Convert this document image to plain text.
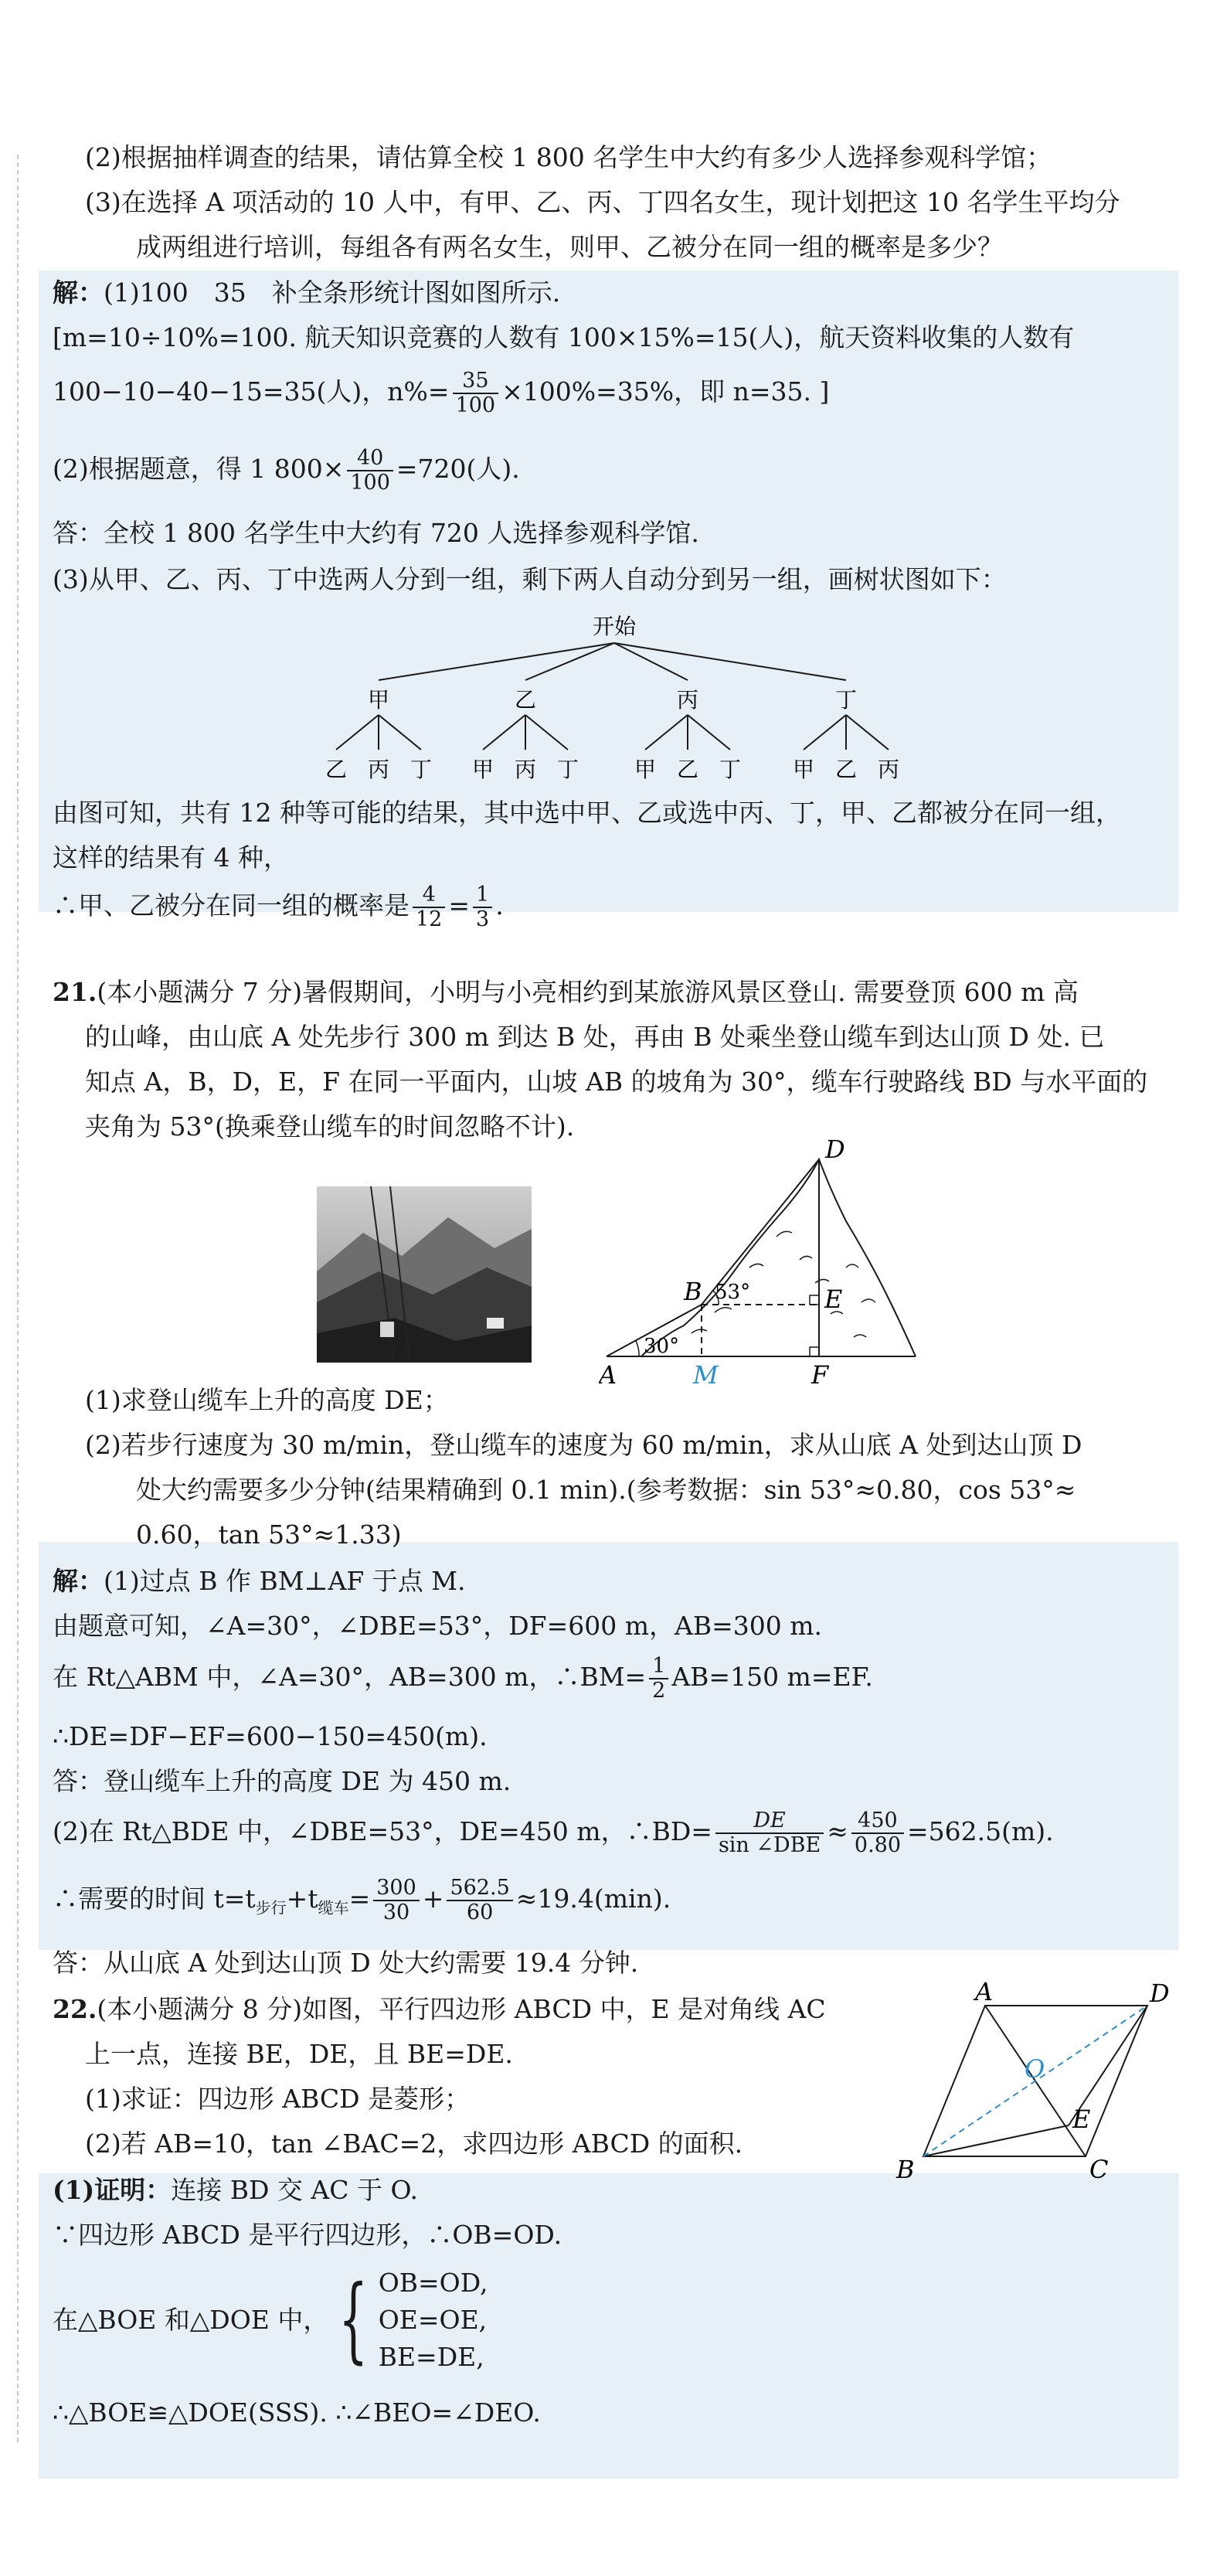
(2)根据抽样调查的结果，请估算全校 1 800 名学生中大约有多少人选择参观科学馆；
(3)在选择 A 项活动的 10 人中，有甲、乙、丙、丁四名女生，现计划把这 10 名学生平均分
成两组进行培训，每组各有两名女生，则甲、乙被分在同一组的概率是多少？
解：(1)100　35　补全条形统计图如图所示.
[m=10÷10%=100. 航天知识竞赛的人数有 100×15%=15(人)，航天资料收集的人数有
100−10−40−15=35(人)，$n\%= \frac{35}{100} \times 100\%=35\%$，即 n=35. ]
(2)根据题意，得 1 $800\times \frac{40}{100} =720$(人).
答：全校 1 800 名学生中大约有 720 人选择参观科学馆.
(3)从甲、乙、丙、丁中选两人分到一组，剩下两人自动分到另一组，画树状图如下：
开始
甲	乙	丙	丁
乙 丙 丁 甲 丙 丁	甲 乙 丁 甲 乙 丙
由图可知，共有 12 种等可能的结果，其中选中甲、乙或选中丙、丁，甲、乙都被分在同一组，
这样的结果有 4 种，
∴甲、乙被分在同一组的概率是 $\frac{4}{12} = \frac{1}{3}$ .
21.(本小题满分 7 分)暑假期间，小明与小亮相约到某旅游风景区登山. 需要登顶 600 m 高
的山峰，由山底 A 处先步行 300 m 到达 B 处，再由 B 处乘坐登山缆车到达山顶 D 处. 已
知点 A，B，D，E，F 在同一平面内，山坡 AB 的坡角为 30°，缆车行驶路线 BD 与水平面的
夹角为 53°(换乘登山缆车的时间忽略不计).
D
B	E
A	M	F
53°
30°
(1)求登山缆车上升的高度 DE；
(2)若步行速度为 30 m/min，登山缆车的速度为 60 m/min，求从山底 A 处到达山顶 D
处大约需要多少分钟(结果精确到 0.1 min).(参考数据：sin 53°≈0.80，cos 53°≈
0.60，tan 53°≈1.33)
解：(1)过点 B 作 BM⊥AF 于点 M.
由题意可知，∠A=30°，∠DBE=53°，DF=600 m，AB=300 m.
在 Rt△ABM 中，∠A=30°，AB=300 m，∴BM= $\frac{1}{2} AB=150$ m=EF.
∴DE=DF−EF=600−150=450(m).
答：登山缆车上升的高度 DE 为 450 m.
(2)在 Rt△BDE 中，∠DBE=53°，DE=450 m，∴BD= $\frac{DE}{\text{sin ∠DBE}} \approx \frac{450}{0.80} =562.5(m)$.
∴需要的时间 $t=t_{步行}+t_{缆车}= \frac{300}{30} + \frac{562.5}{60} \approx 19.4(\min)$.
答：从山底 A 处到达山顶 D 处大约需要 19.4 分钟.
22.(本小题满分 8 分)如图，平行四边形 ABCD 中，E 是对角线 AC
上一点，连接 BE，DE，且 BE=DE.
(1)求证：四边形 ABCD 是菱形；
(2)若 AB=10，tan ∠BAC=2，求四边形 ABCD 的面积.
A	D
O
E
B	C
(1)证明：连接 BD 交 AC 于 O.
∵四边形 ABCD 是平行四边形，∴OB=OD.
在△BOE 和△DOE 中， { OB=OD,
OE=OE,
BE=DE,
∴△BOE≌△DOE(SSS). ∴∠BEO=∠DEO.
